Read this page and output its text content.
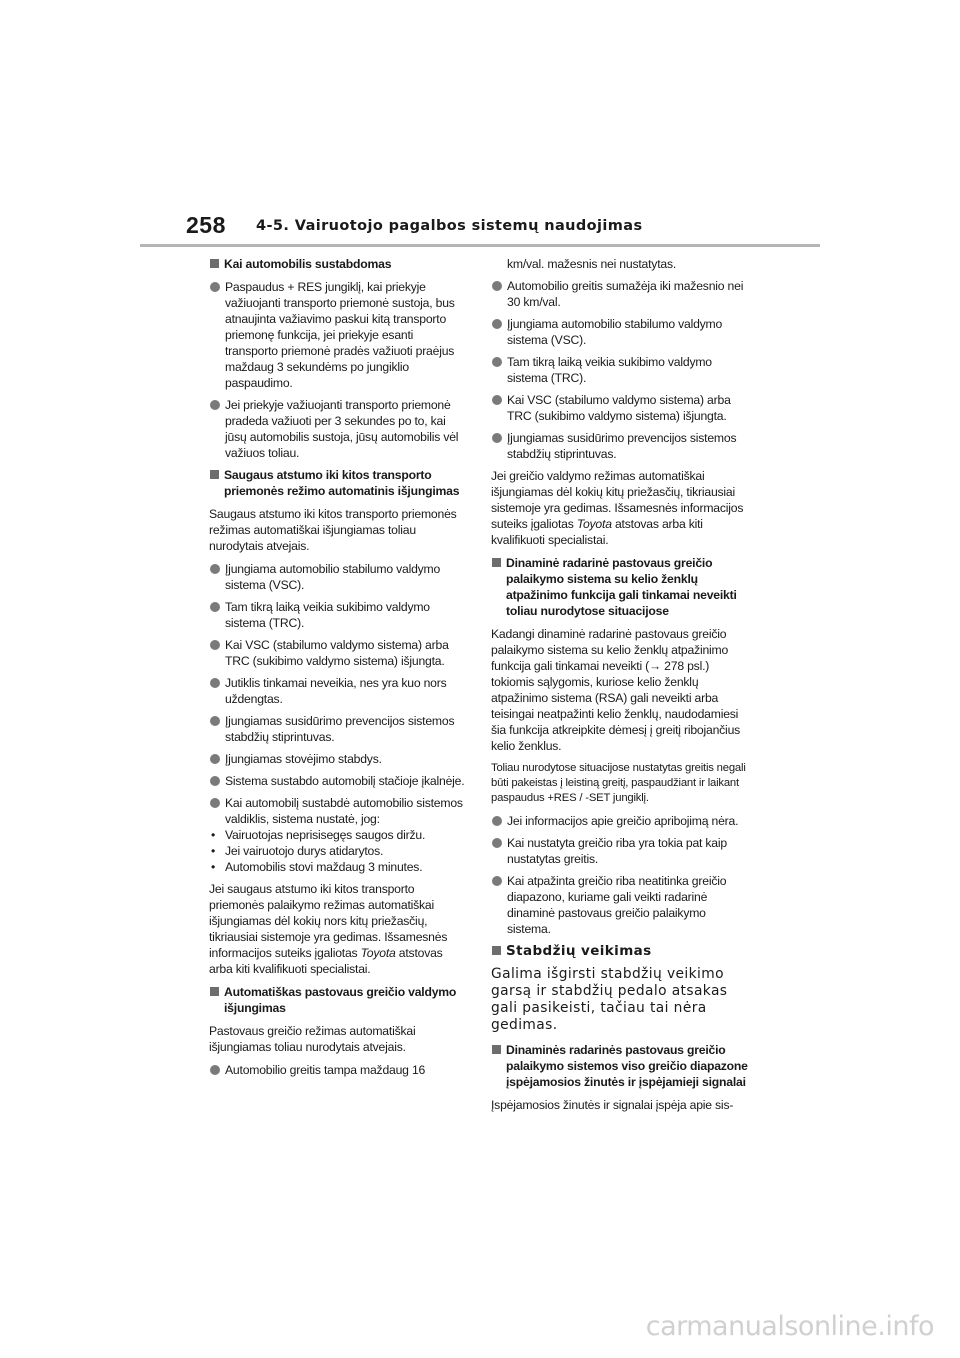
258 4-5. Vairuotojo pagalbos sistemų naudojimas
Kai automobilis sustabdomas
Paspaudus + RES jungiklį, kai priekyje važiuojanti transporto priemonė sustoja, bus atnaujinta važiavimo paskui kitą transporto priemonę funkcija, jei priekyje esanti transporto priemonė pradės važiuoti praėjus maždaug 3 sekundėms po jungiklio paspaudimo.
Jei priekyje važiuojanti transporto priemonė pradeda važiuoti per 3 sekundes po to, kai jūsų automobilis sustoja, jūsų automobilis vėl važiuos toliau.
Saugaus atstumo iki kitos transporto priemonės režimo automatinis išjungimas
Saugaus atstumo iki kitos transporto priemonės režimas automatiškai išjungiamas toliau nurodytais atvejais.
Įjungiama automobilio stabilumo valdymo sistema (VSC).
Tam tikrą laiką veikia sukibimo valdymo sistema (TRC).
Kai VSC (stabilumo valdymo sistema) arba TRC (sukibimo valdymo sistema) išjungta.
Jutiklis tinkamai neveikia, nes yra kuo nors uždengtas.
Įjungiamas susidūrimo prevencijos sistemos stabdžių stiprintuvas.
Įjungiamas stovėjimo stabdys.
Sistema sustabdo automobilį stačioje įkalnėje.
Kai automobilį sustabdė automobilio sistemos valdiklis, sistema nustatė, jog:
• Vairuotojas neprisisegęs saugos diržu.
• Jei vairuotojo durys atidarytos.
• Automobilis stovi maždaug 3 minutes.
Jei saugaus atstumo iki kitos transporto priemonės palaikymo režimas automatiškai išjungiamas dėl kokių nors kitų priežasčių, tikriausiai sistemoje yra gedimas. Išsamesnės informacijos suteiks įgaliotas Toyota atstovas arba kiti kvalifikuoti specialistai.
Automatiškas pastovaus greičio valdymo išjungimas
Pastovaus greičio režimas automatiškai išjungiamas toliau nurodytais atvejais.
Automobilio greitis tampa maždaug 16
km/val. mažesnis nei nustatytas.
Automobilio greitis sumažėja iki mažesnio nei 30 km/val.
Įjungiama automobilio stabilumo valdymo sistema (VSC).
Tam tikrą laiką veikia sukibimo valdymo sistema (TRC).
Kai VSC (stabilumo valdymo sistema) arba TRC (sukibimo valdymo sistema) išjungta.
Įjungiamas susidūrimo prevencijos sistemos stabdžių stiprintuvas.
Jei greičio valdymo režimas automatiškai išjungiamas dėl kokių kitų priežasčių, tikriausiai sistemoje yra gedimas. Išsamesnės informacijos suteiks įgaliotas Toyota atstovas arba kiti kvalifikuoti specialistai.
Dinaminė radarinė pastovaus greičio palaikymo sistema su kelio ženklų atpažinimo funkcija gali tinkamai neveikti toliau nurodytose situacijose
Kadangi dinaminė radarinė pastovaus greičio palaikymo sistema su kelio ženklų atpažinimo funkcija gali tinkamai neveikti (→ 278 psl.) tokiomis sąlygomis, kuriose kelio ženklų atpažinimo sistema (RSA) gali neveikti arba teisingai neatpažinti kelio ženklų, naudodamiesi šia funkcija atkreipkite dėmesį į greitį ribojančius kelio ženklus.
Toliau nurodytose situacijose nustatytas greitis negali būti pakeistas į leistiną greitį, paspaudžiant ir laikant paspaudus +RES / -SET jungiklį.
Jei informacijos apie greičio apribojimą nėra.
Kai nustatyta greičio riba yra tokia pat kaip nustatytas greitis.
Kai atpažinta greičio riba neatitinka greičio diapazono, kuriame gali veikti radarinė dinaminė pastovaus greičio palaikymo sistema.
Stabdžių veikimas
Galima išgirsti stabdžių veikimo garsą ir stabdžių pedalo atsakas gali pasikeisti, tačiau tai nėra gedimas.
Dinaminės radarinės pastovaus greičio palaikymo sistemos viso greičio diapazone įspėjamosios žinutės ir įspėjamieji signalai
Įspėjamosios žinutės ir signalai įspėja apie sis-
carmanualsonline.info
